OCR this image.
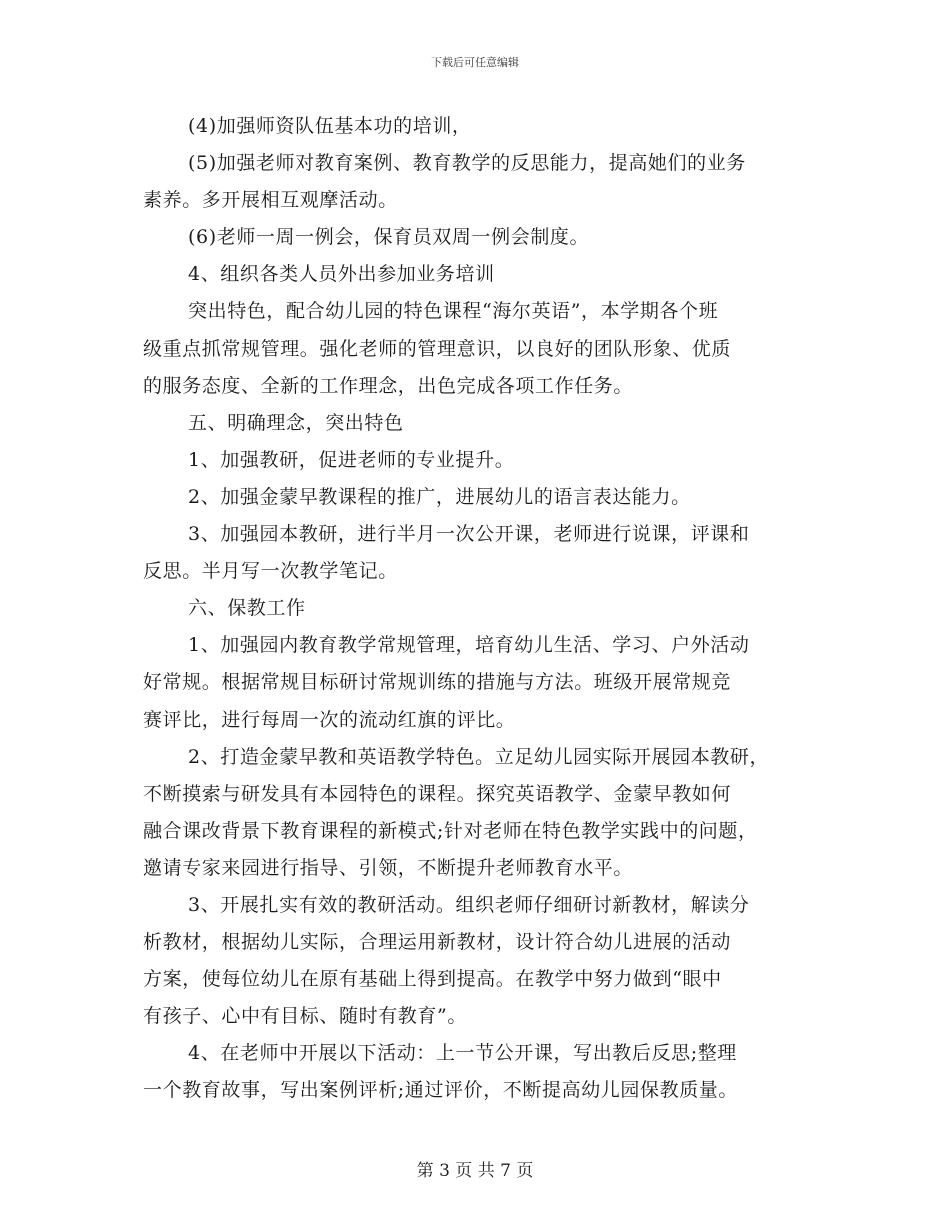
下载后可任意编辑
(4)加强师资队伍基本功的培训，
(5)加强老师对教育案例、教育教学的反思能力，提高她们的业务
素养。多开展相互观摩活动。
(6)老师一周一例会，保育员双周一例会制度。
4、组织各类人员外出参加业务培训
突出特色，配合幼儿园的特色课程“海尔英语”，本学期各个班
级重点抓常规管理。强化老师的管理意识，以良好的团队形象、优质
的服务态度、全新的工作理念，出色完成各项工作任务。
五、明确理念，突出特色
1、加强教研，促进老师的专业提升。
2、加强金蒙早教课程的推广，进展幼儿的语言表达能力。
3、加强园本教研，进行半月一次公开课，老师进行说课，评课和
反思。半月写一次教学笔记。
六、保教工作
1、加强园内教育教学常规管理，培育幼儿生活、学习、户外活动
好常规。根据常规目标研讨常规训练的措施与方法。班级开展常规竞
赛评比，进行每周一次的流动红旗的评比。
2、打造金蒙早教和英语教学特色。立足幼儿园实际开展园本教研，
不断摸索与研发具有本园特色的课程。探究英语教学、金蒙早教如何
融合课改背景下教育课程的新模式;针对老师在特色教学实践中的问题，
邀请专家来园进行指导、引领，不断提升老师教育水平。
3、开展扎实有效的教研活动。组织老师仔细研讨新教材，解读分
析教材，根据幼儿实际，合理运用新教材，设计符合幼儿进展的活动
方案，使每位幼儿在原有基础上得到提高。在教学中努力做到“眼中
有孩子、心中有目标、随时有教育”。
4、在老师中开展以下活动：上一节公开课，写出教后反思;整理
一个教育故事，写出案例评析;通过评价，不断提高幼儿园保教质量。
第 3 页 共 7 页
